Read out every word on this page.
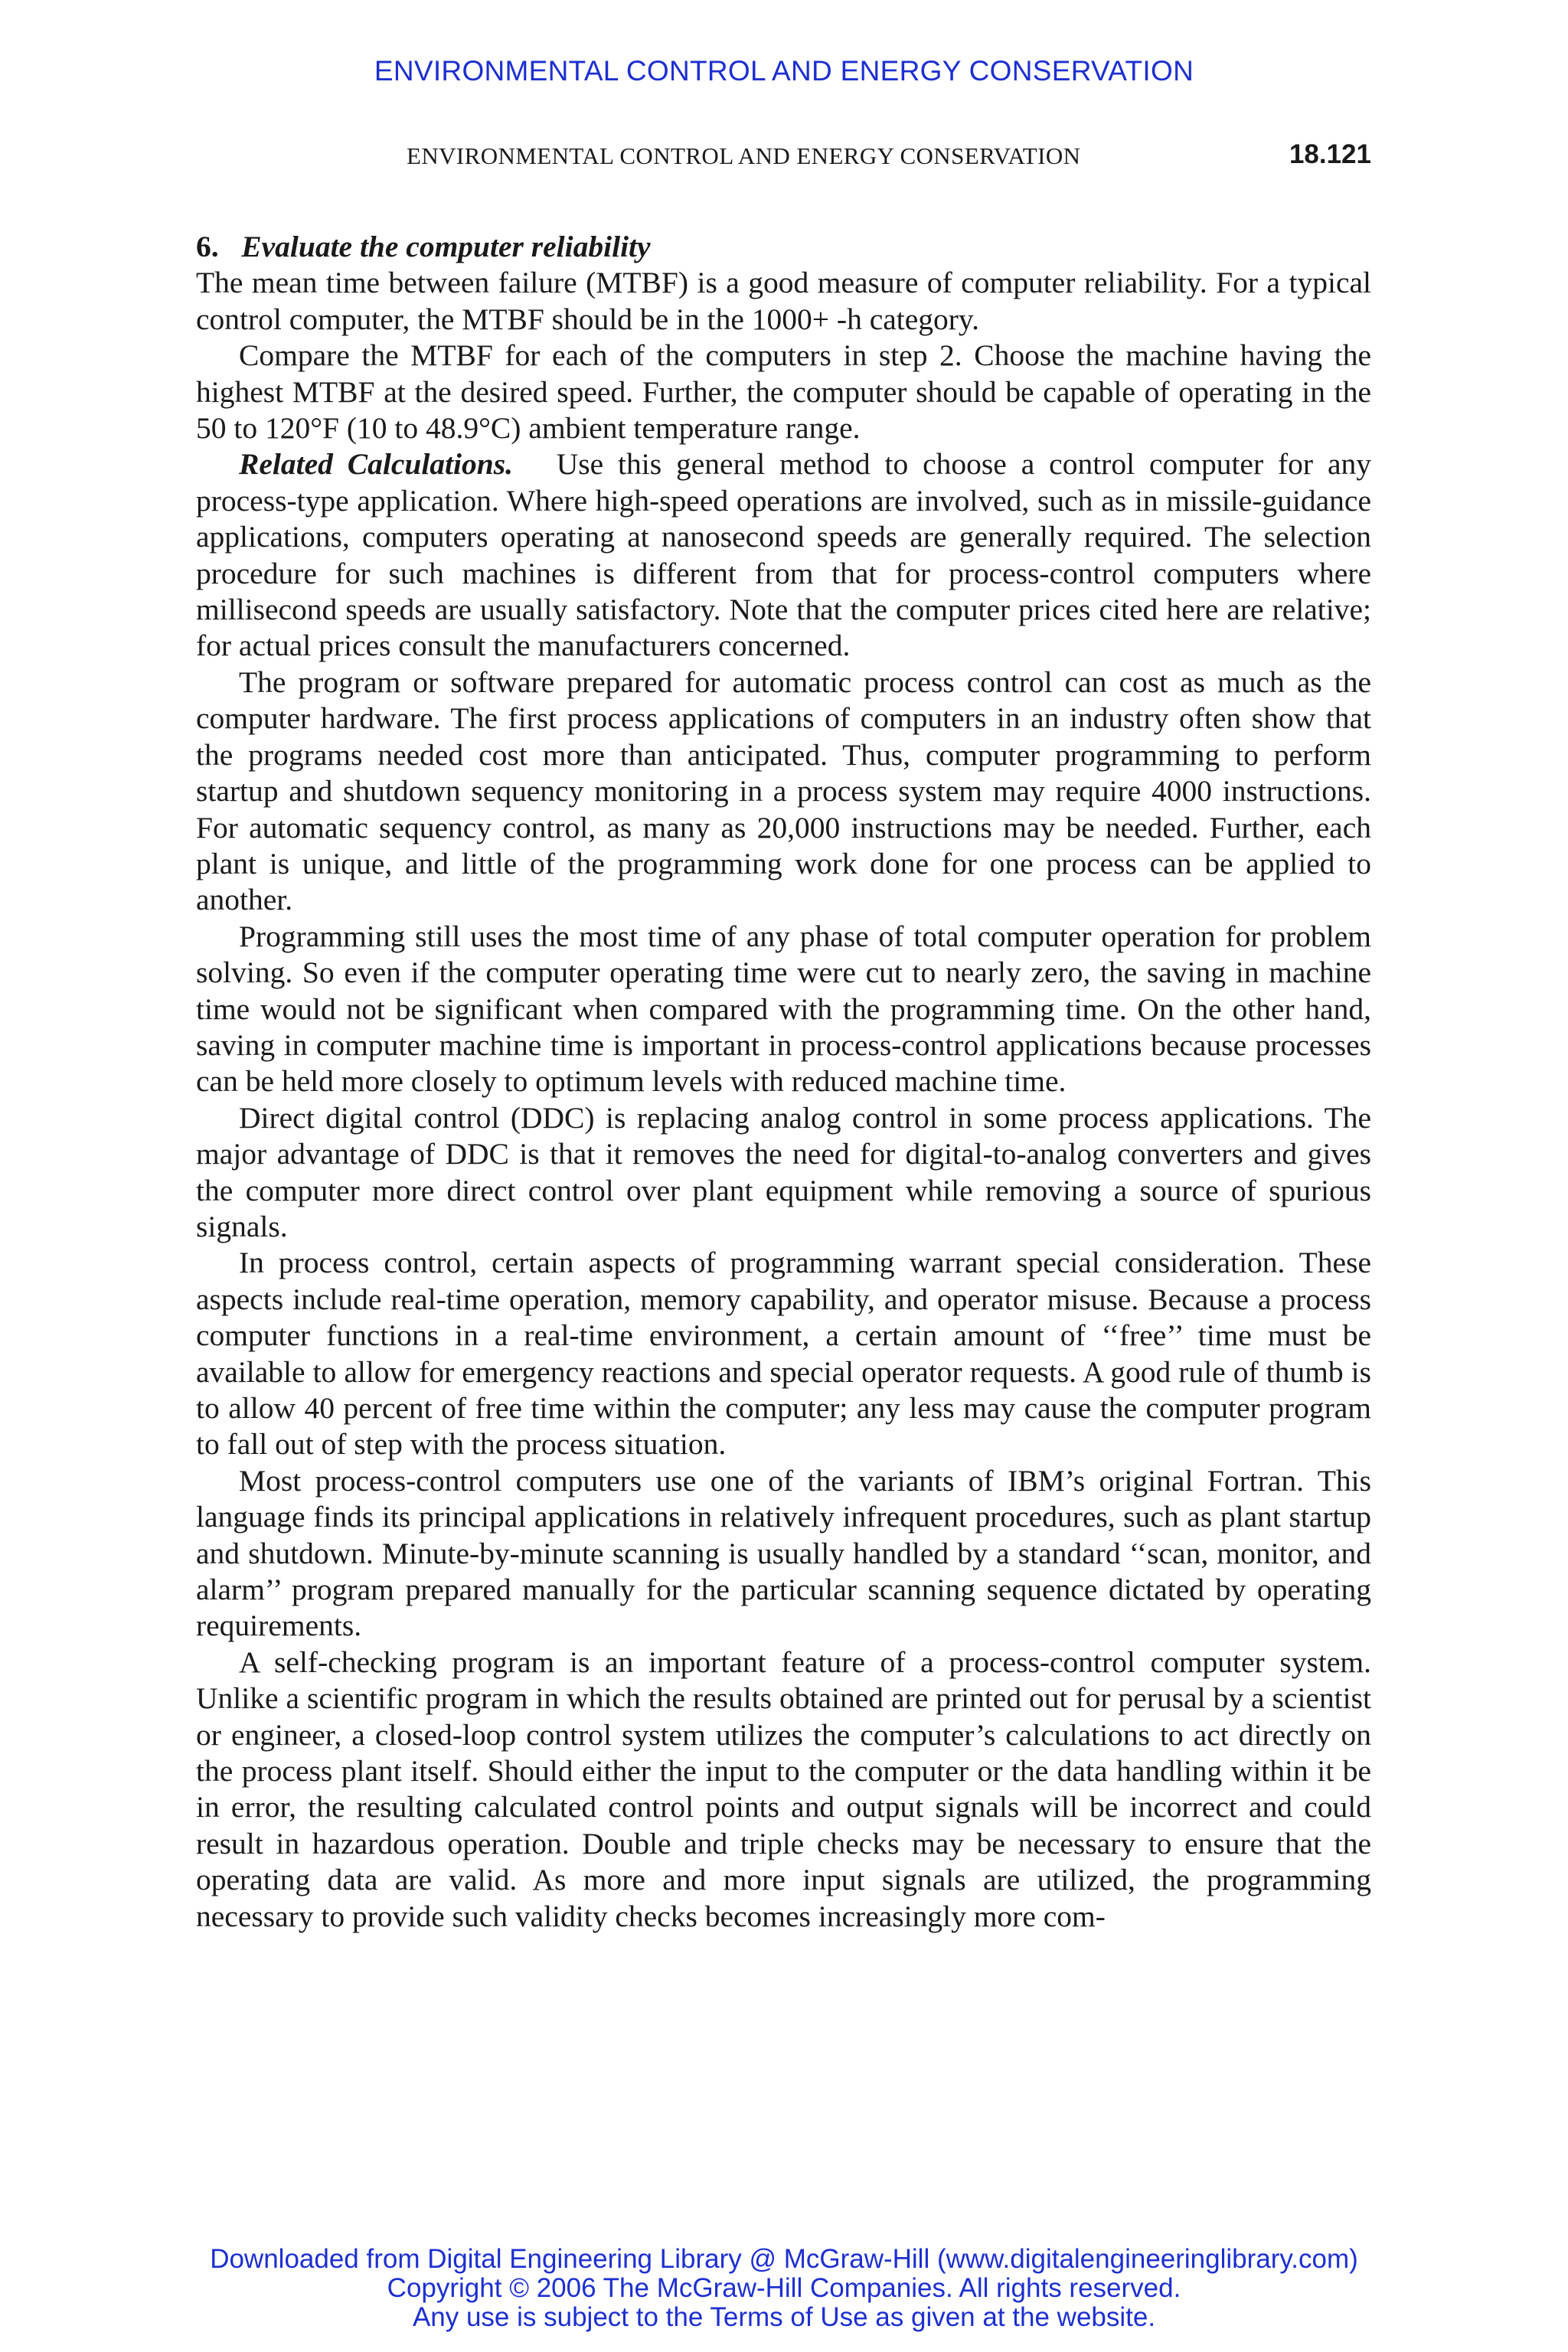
ENVIRONMENTAL CONTROL AND ENERGY CONSERVATION
ENVIRONMENTAL CONTROL AND ENERGY CONSERVATION	18.121

6. Evaluate the computer reliability

The mean time between failure (MTBF) is a good measure of computer reliability. For a typical control computer, the MTBF should be in the 1000+ -h category.

Compare the MTBF for each of the computers in step 2. Choose the machine having the highest MTBF at the desired speed. Further, the computer should be capable of operating in the 50 to 120°F (10 to 48.9°C) ambient temperature range.

Related Calculations. Use this general method to choose a control computer for any process-type application. Where high-speed operations are involved, such as in missile-guidance applications, computers operating at nanosecond speeds are generally required. The selection procedure for such machines is different from that for process-control computers where millisecond speeds are usually satisfactory. Note that the computer prices cited here are relative; for actual prices consult the manufacturers concerned.

The program or software prepared for automatic process control can cost as much as the computer hardware. The first process applications of computers in an industry often show that the programs needed cost more than anticipated. Thus, computer programming to perform startup and shutdown sequency monitoring in a process system may require 4000 instructions. For automatic sequency control, as many as 20,000 instructions may be needed. Further, each plant is unique, and little of the programming work done for one process can be applied to another.

Programming still uses the most time of any phase of total computer operation for problem solving. So even if the computer operating time were cut to nearly zero, the saving in machine time would not be significant when compared with the programming time. On the other hand, saving in computer machine time is important in process-control applications because processes can be held more closely to optimum levels with reduced machine time.

Direct digital control (DDC) is replacing analog control in some process applications. The major advantage of DDC is that it removes the need for digital-to-analog converters and gives the computer more direct control over plant equipment while removing a source of spurious signals.

In process control, certain aspects of programming warrant special consideration. These aspects include real-time operation, memory capability, and operator misuse. Because a process computer functions in a real-time environment, a certain amount of ‘‘free’’ time must be available to allow for emergency reactions and special operator requests. A good rule of thumb is to allow 40 percent of free time within the computer; any less may cause the computer program to fall out of step with the process situation.

Most process-control computers use one of the variants of IBM’s original Fortran. This language finds its principal applications in relatively infrequent procedures, such as plant startup and shutdown. Minute-by-minute scanning is usually handled by a standard ‘‘scan, monitor, and alarm’’ program prepared manually for the particular scanning sequence dictated by operating requirements.

A self-checking program is an important feature of a process-control computer system. Unlike a scientific program in which the results obtained are printed out for perusal by a scientist or engineer, a closed-loop control system utilizes the computer’s calculations to act directly on the process plant itself. Should either the input to the computer or the data handling within it be in error, the resulting calculated control points and output signals will be incorrect and could result in hazardous operation. Double and triple checks may be necessary to ensure that the operating data are valid. As more and more input signals are utilized, the programming necessary to provide such validity checks becomes increasingly more com-

Downloaded from Digital Engineering Library @ McGraw-Hill (www.digitalengineeringlibrary.com)
Copyright © 2006 The McGraw-Hill Companies. All rights reserved.
Any use is subject to the Terms of Use as given at the website.
